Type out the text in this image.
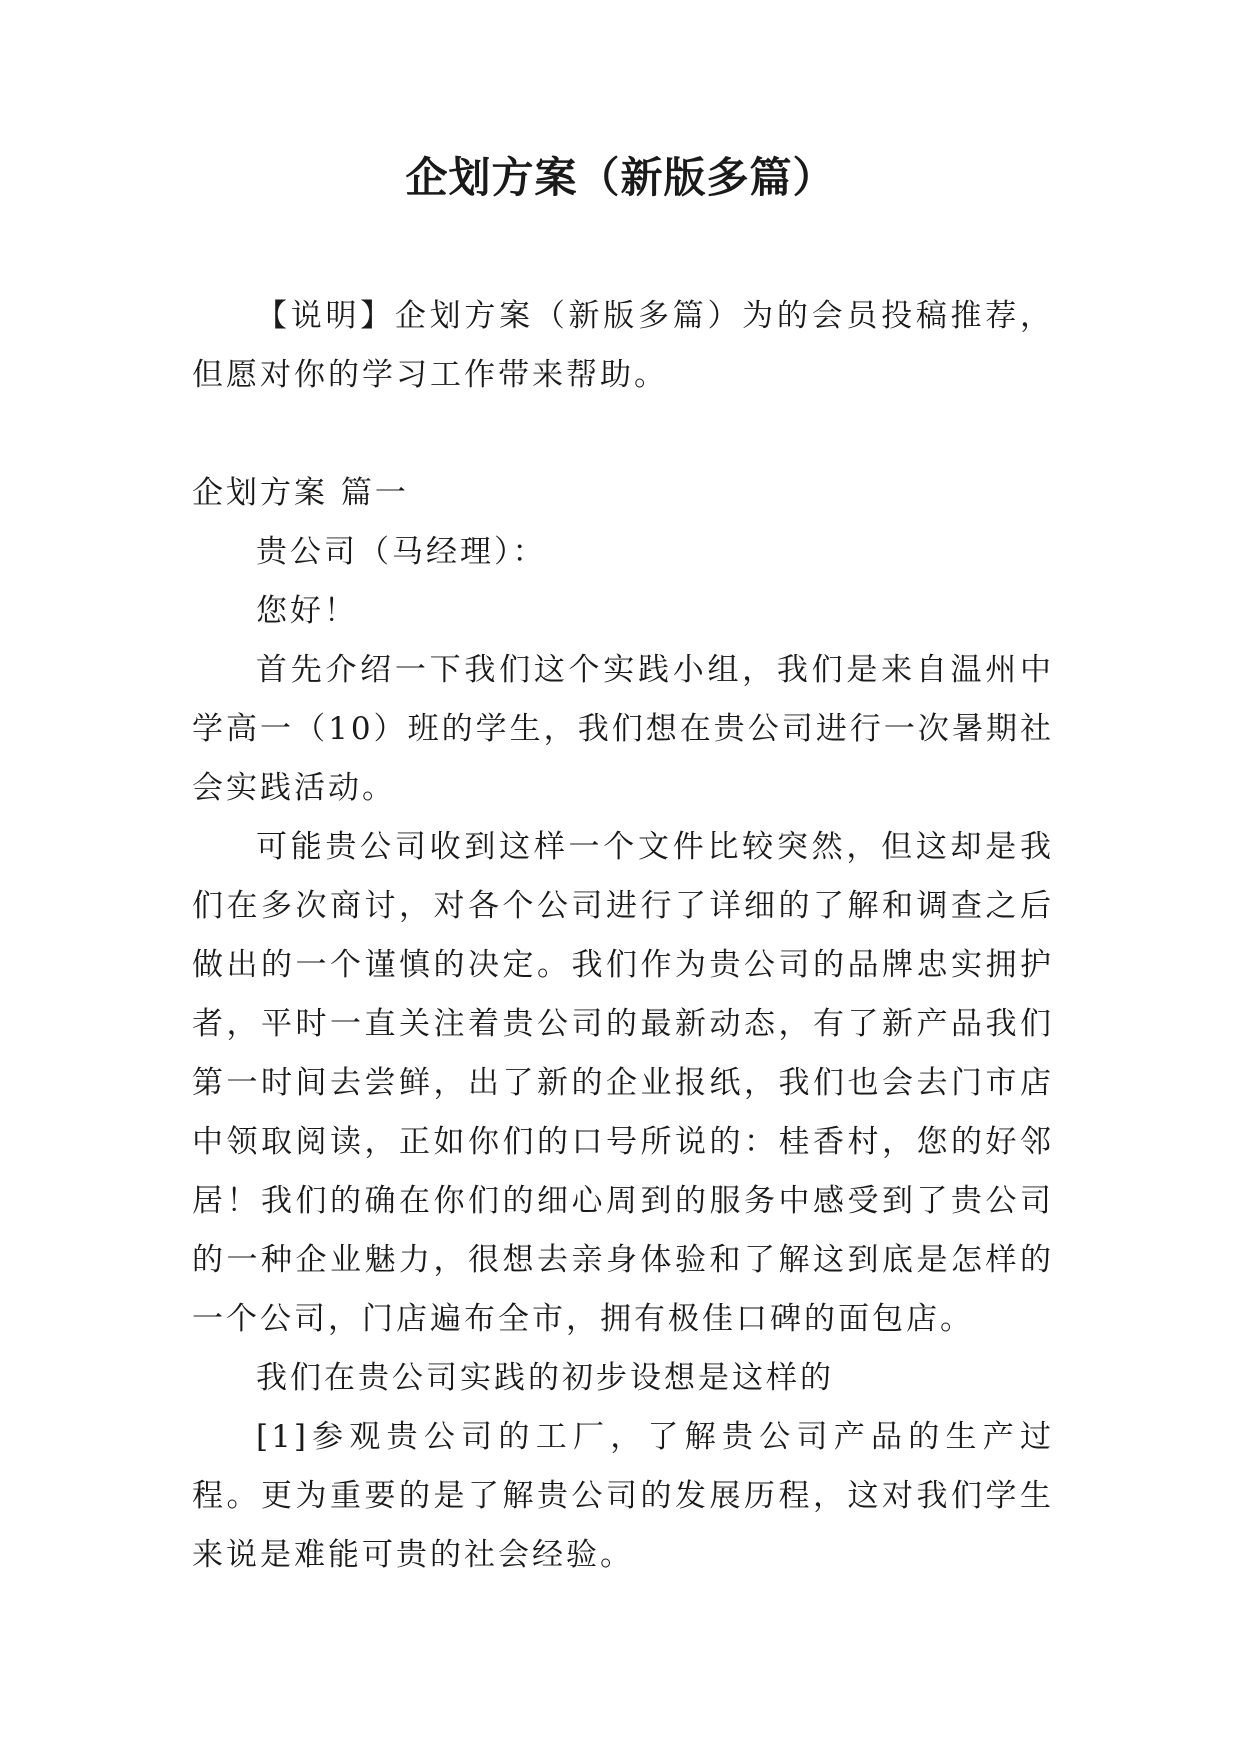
企划方案（新版多篇）

【说明】企划方案（新版多篇）为的会员投稿推荐，但愿对你的学习工作带来帮助。

企划方案 篇一

贵公司（马经理）：

您好！

首先介绍一下我们这个实践小组，我们是来自温州中学高一（10）班的学生，我们想在贵公司进行一次暑期社会实践活动。

可能贵公司收到这样一个文件比较突然，但这却是我们在多次商讨，对各个公司进行了详细的了解和调查之后做出的一个谨慎的决定。我们作为贵公司的品牌忠实拥护者，平时一直关注着贵公司的最新动态，有了新产品我们第一时间去尝鲜，出了新的企业报纸，我们也会去门市店中领取阅读，正如你们的口号所说的：桂香村，您的好邻居！我们的确在你们的细心周到的服务中感受到了贵公司的一种企业魅力，很想去亲身体验和了解这到底是怎样的一个公司，门店遍布全市，拥有极佳口碑的面包店。

我们在贵公司实践的初步设想是这样的

[1]参观贵公司的工厂，了解贵公司产品的生产过程。更为重要的是了解贵公司的发展历程，这对我们学生来说是难能可贵的社会经验。
